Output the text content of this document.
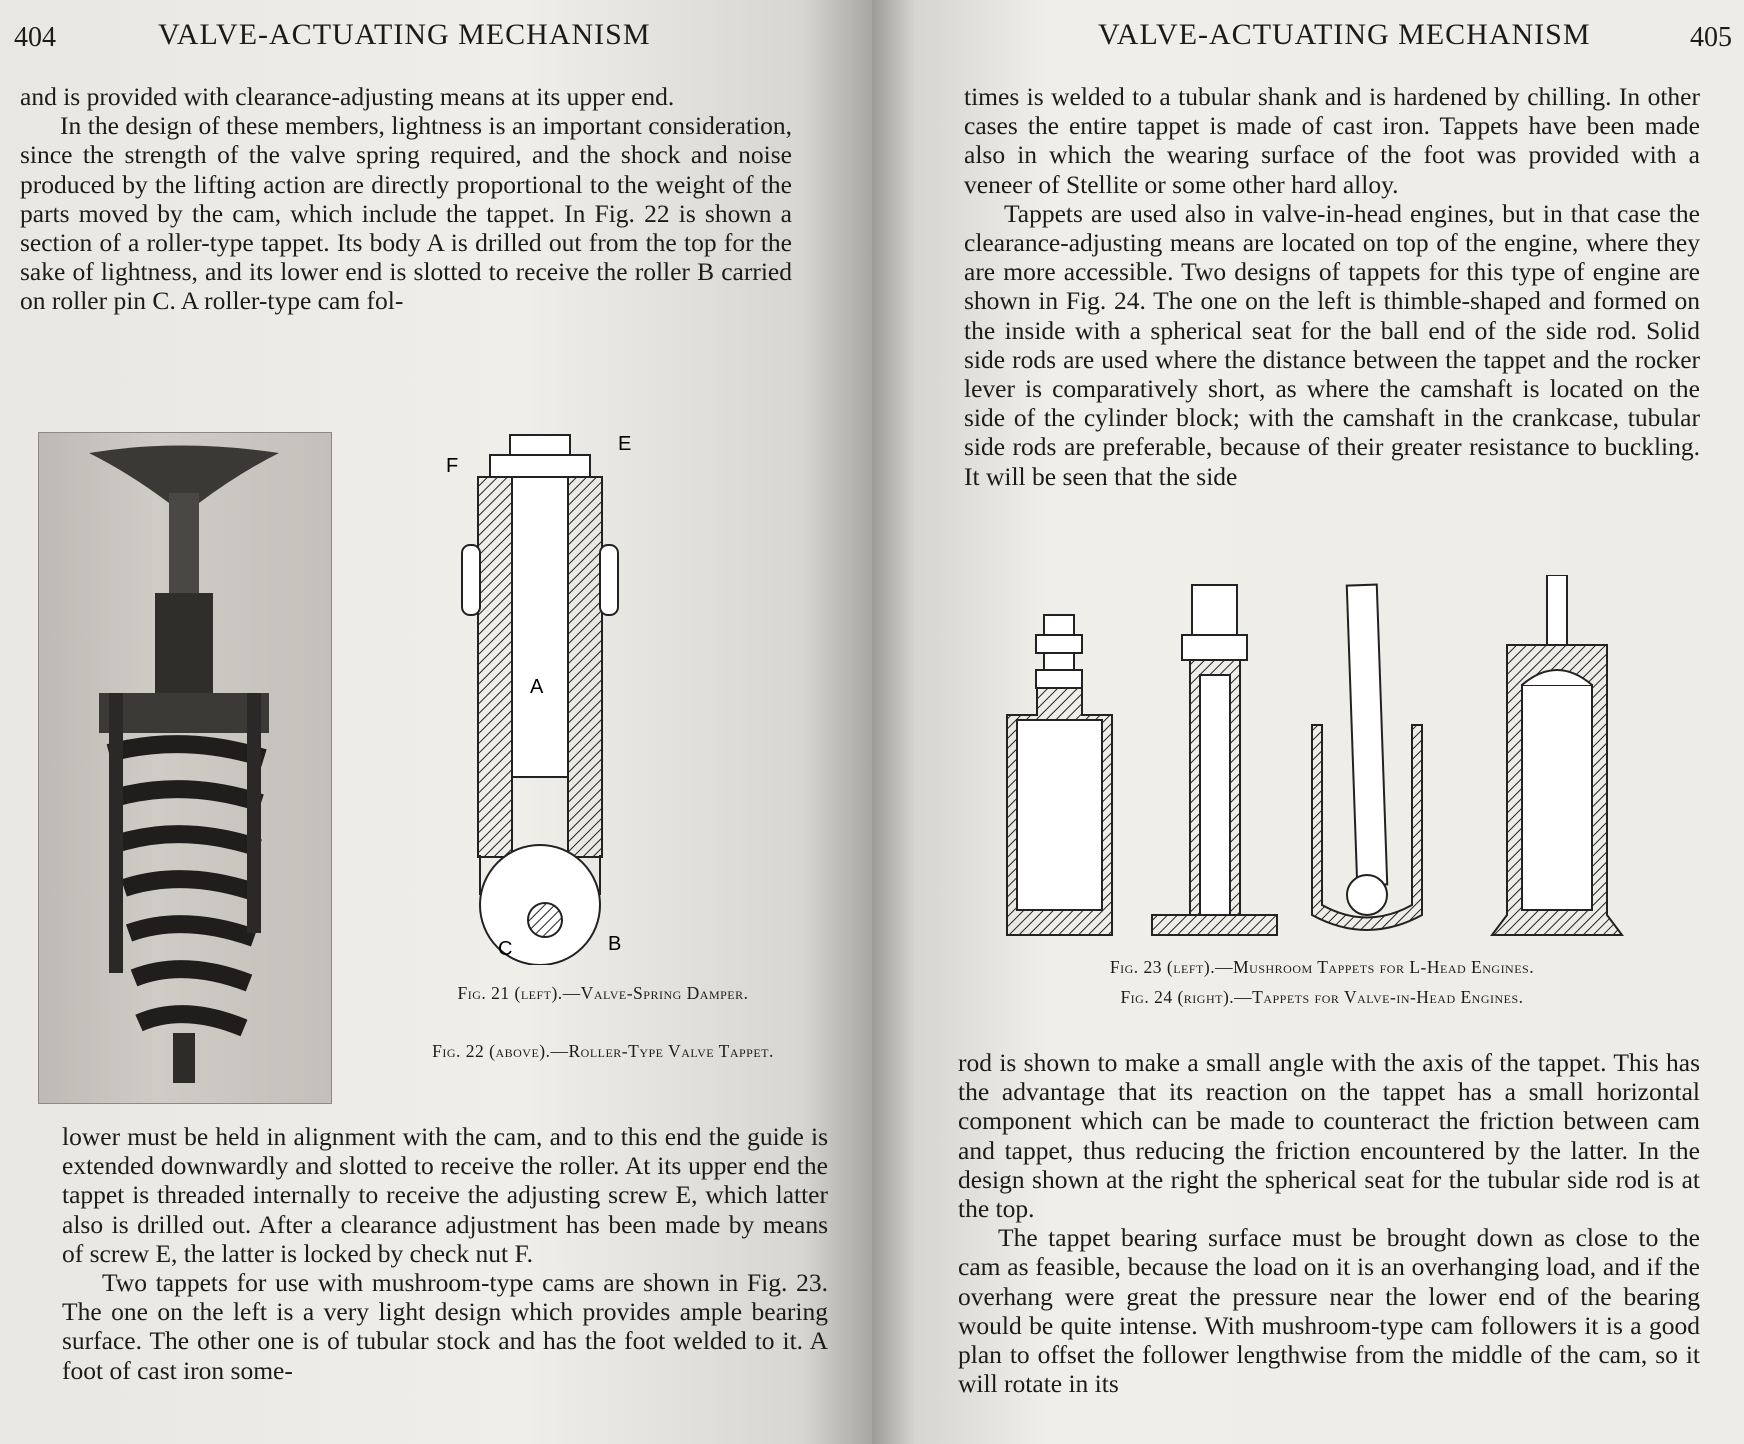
404	VALVE-ACTUATING MECHANISM

and is provided with clearance-adjusting means at its upper end.

In the design of these members, lightness is an important consideration, since the strength of the valve spring required, and the shock and noise produced by the lifting action are directly proportional to the weight of the parts moved by the cam, which include the tappet. In Fig. 22 is shown a section of a roller-type tappet. Its body A is drilled out from the top for the sake of lightness, and its lower end is slotted to receive the roller B carried on roller pin C. A roller-type cam fol-

E
F
A
B
C
Fig. 21 (left).—Valve-Spring Damper.
Fig. 22 (above).—Roller-Type Valve Tappet.

lower must be held in alignment with the cam, and to this end the guide is extended downwardly and slotted to receive the roller. At its upper end the tappet is threaded internally to receive the adjusting screw E, which latter also is drilled out. After a clearance adjustment has been made by means of screw E, the latter is locked by check nut F.

Two tappets for use with mushroom-type cams are shown in Fig. 23. The one on the left is a very light design which provides ample bearing surface. The other one is of tubular stock and has the foot welded to it. A foot of cast iron some-

VALVE-ACTUATING MECHANISM	405

times is welded to a tubular shank and is hardened by chilling. In other cases the entire tappet is made of cast iron. Tappets have been made also in which the wearing surface of the foot was provided with a veneer of Stellite or some other hard alloy.

Tappets are used also in valve-in-head engines, but in that case the clearance-adjusting means are located on top of the engine, where they are more accessible. Two designs of tappets for this type of engine are shown in Fig. 24. The one on the left is thimble-shaped and formed on the inside with a spherical seat for the ball end of the side rod. Solid side rods are used where the distance between the tappet and the rocker lever is comparatively short, as where the camshaft is located on the side of the cylinder block; with the camshaft in the crankcase, tubular side rods are preferable, because of their greater resistance to buckling. It will be seen that the side

Fig. 23 (left).—Mushroom Tappets for L-Head Engines.
Fig. 24 (right).—Tappets for Valve-in-Head Engines.

rod is shown to make a small angle with the axis of the tappet. This has the advantage that its reaction on the tappet has a small horizontal component which can be made to counteract the friction between cam and tappet, thus reducing the friction encountered by the latter. In the design shown at the right the spherical seat for the tubular side rod is at the top.

The tappet bearing surface must be brought down as close to the cam as feasible, because the load on it is an overhanging load, and if the overhang were great the pressure near the lower end of the bearing would be quite intense. With mushroom-type cam followers it is a good plan to offset the follower lengthwise from the middle of the cam, so it will rotate in its
